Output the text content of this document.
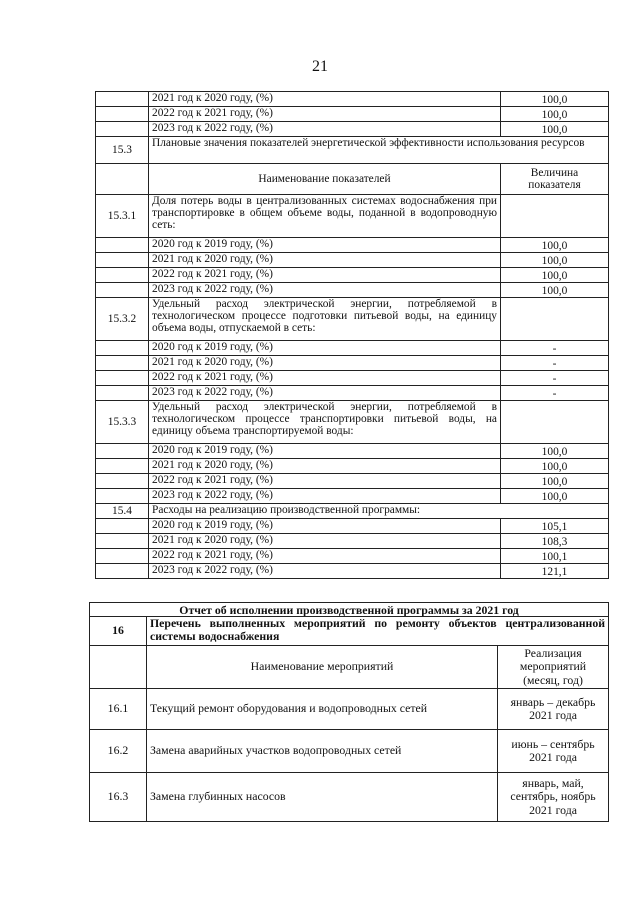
21
	2021 год к 2020 году, (%)	100,0
	2022 год к 2021 году, (%)	100,0
	2023 год к 2022 году, (%)	100,0
15.3	Плановые значения показателей энергетической эффективности использования ресурсов	
	Наименование показателей	Величина показателя
15.3.1	Доля потерь воды в централизованных системах водоснабжения при транспортировке в общем объеме воды, поданной в водопроводную сеть:	
	2020 год к 2019 году, (%)	100,0
	2021 год к 2020 году, (%)	100,0
	2022 год к 2021 году, (%)	100,0
	2023 год к 2022 году, (%)	100,0
15.3.2	Удельный расход электрической энергии, потребляемой в технологическом процессе подготовки питьевой воды, на единицу объема воды, отпускаемой в сеть:	
	2020 год к 2019 году, (%)	-
	2021 год к 2020 году, (%)	-
	2022 год к 2021 году, (%)	-
	2023 год к 2022 году, (%)	-
15.3.3	Удельный расход электрической энергии, потребляемой в технологическом процессе транспортировки питьевой воды, на единицу объема транспортируемой воды:	
	2020 год к 2019 году, (%)	100,0
	2021 год к 2020 году, (%)	100,0
	2022 год к 2021 году, (%)	100,0
	2023 год к 2022 году, (%)	100,0
15.4	Расходы на реализацию производственной программы:	
	2020 год к 2019 году, (%)	105,1
	2021 год к 2020 году, (%)	108,3
	2022 год к 2021 году, (%)	100,1
	2023 год к 2022 году, (%)	121,1
Отчет об исполнении производственной программы за 2021 год		
16	Перечень выполненных мероприятий по ремонту объектов централизованной системы водоснабжения	
	Наименование мероприятий	Реализация мероприятий (месяц, год)
16.1	Текущий ремонт оборудования и водопроводных сетей	январь – декабрь 2021 года
16.2	Замена аварийных участков водопроводных сетей	июнь – сентябрь 2021 года
16.3	Замена глубинных насосов	январь, май, сентябрь, ноябрь 2021 года
